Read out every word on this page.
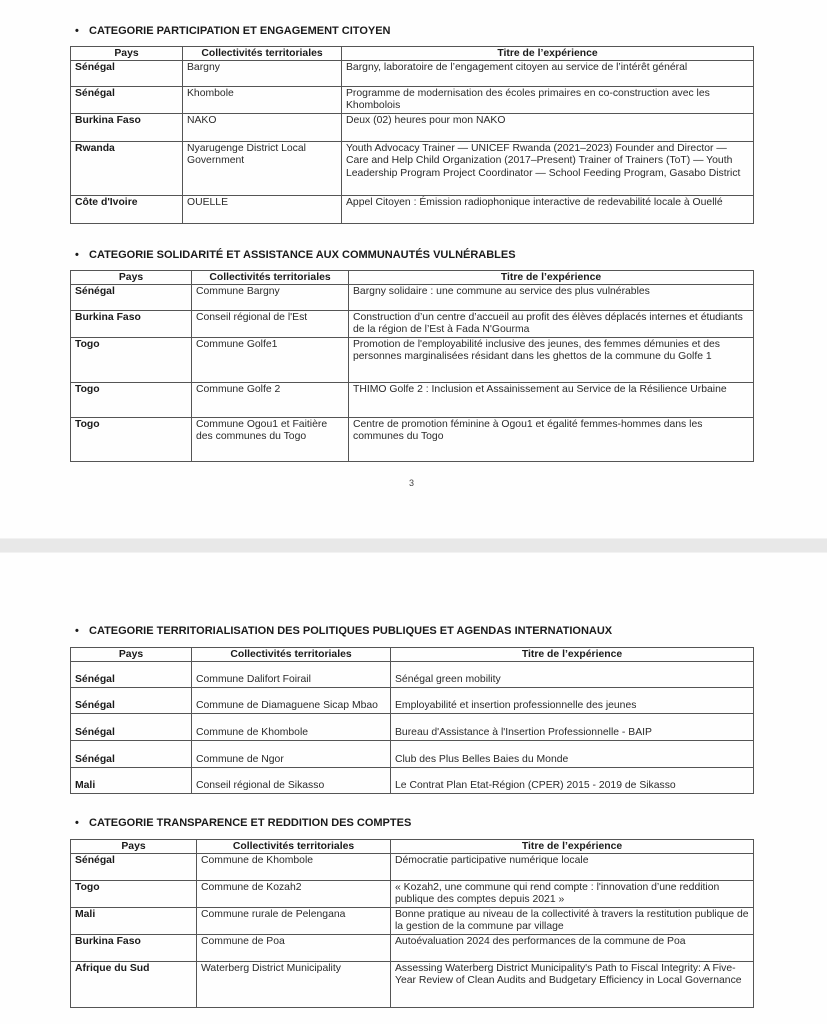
• CATEGORIE PARTICIPATION ET ENGAGEMENT CITOYEN
Pays	Collectivités territoriales	Titre de l’expérience
Sénégal	Bargny	Bargny, laboratoire de l’engagement citoyen au service de l’intérêt général
Sénégal	Khombole	Programme de modernisation des écoles primaires en co-construction avec les Khombolois
Burkina Faso	NAKO	Deux (02) heures pour mon NAKO
Rwanda	Nyarugenge District Local Government	Youth Advocacy Trainer — UNICEF Rwanda (2021–2023) Founder and Director — Care and Help Child Organization (2017–Present) Trainer of Trainers (ToT) — Youth Leadership Program Project Coordinator — School Feeding Program, Gasabo District
Côte d'Ivoire	OUELLE	Appel Citoyen : Émission radiophonique interactive de redevabilité locale à Ouellé
• CATEGORIE SOLIDARITÉ ET ASSISTANCE AUX COMMUNAUTÉS VULNÉRABLES
Pays	Collectivités territoriales	Titre de l’expérience
Sénégal	Commune Bargny	Bargny solidaire : une commune au service des plus vulnérables
Burkina Faso	Conseil régional de l'Est	Construction d’un centre d’accueil au profit des élèves déplacés internes et étudiants de la région de l’Est à Fada N'Gourma
Togo	Commune Golfe1	Promotion de l'employabilité inclusive des jeunes, des femmes démunies et des personnes marginalisées résidant dans les ghettos de la commune du Golfe 1
Togo	Commune Golfe 2	THIMO Golfe 2 : Inclusion et Assainissement au Service de la Résilience Urbaine
Togo	Commune Ogou1 et Faitière des communes du Togo	Centre de promotion féminine à Ogou1 et égalité femmes-hommes dans les communes du Togo
3
• CATEGORIE TERRITORIALISATION DES POLITIQUES PUBLIQUES ET AGENDAS INTERNATIONAUX
Pays	Collectivités territoriales	Titre de l’expérience
Sénégal	Commune Dalifort Foirail	Sénégal green mobility
Sénégal	Commune de Diamaguene Sicap Mbao	Employabilité et insertion professionnelle des jeunes
Sénégal	Commune de Khombole	Bureau d'Assistance à l'Insertion Professionnelle - BAIP
Sénégal	Commune de Ngor	Club des Plus Belles Baies du Monde
Mali	Conseil régional de Sikasso	Le Contrat Plan Etat-Région (CPER) 2015 - 2019 de Sikasso
• CATEGORIE TRANSPARENCE ET REDDITION DES COMPTES
Pays	Collectivités territoriales	Titre de l’expérience
Sénégal	Commune de Khombole	Démocratie participative numérique locale
Togo	Commune de Kozah2	« Kozah2, une commune qui rend compte : l'innovation d’une reddition publique des comptes depuis 2021 »
Mali	Commune rurale de Pelengana	Bonne pratique au niveau de la collectivité à travers la restitution publique de la gestion de la commune par village
Burkina Faso	Commune de Poa	Autoévaluation 2024 des performances de la commune de Poa
Afrique du Sud	Waterberg District Municipality	Assessing Waterberg District Municipality's Path to Fiscal Integrity: A Five-Year Review of Clean Audits and Budgetary Efficiency in Local Governance
